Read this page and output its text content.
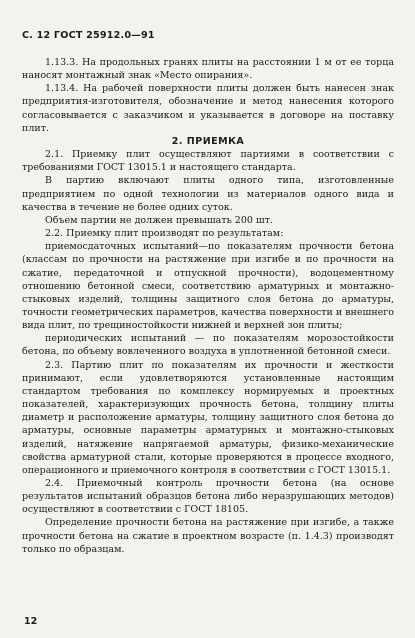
С. 12 ГОСТ 25912.0—91

1.13.3. На продольных гранях плиты на расстоянии 1 м от ее торца наносят монтажный знак «Место опирания».

1.13.4. На рабочей поверхности плиты должен быть нанесен знак предприятия-изготовителя, обозначение и метод нанесения которого согласовывается с заказчиком и указывается в договоре на поставку плит.

2. ПРИЕМКА

2.1. Приемку плит осуществляют партиями в соответствии с требованиями ГОСТ 13015.1 и настоящего стандарта.

В партию включают плиты одного типа, изготовленные предприятием по одной технологии из материалов одного вида и качества в течение не более одних суток.

Объем партии не должен превышать 200 шт.

2.2. Приемку плит производят по результатам:

приемосдаточных испытаний—по показателям прочности бетона (классам по прочности на растяжение при изгибе и по прочности на сжатие, передаточной и отпускной прочности), водоцементному отношению бетонной смеси, соответствию арматурных и монтажно-стыковых изделий, толщины защитного слоя бетона до арматуры, точности геометрических параметров, качества поверхности и внешнего вида плит, по трещиностойкости нижней и верхней зон плиты;

периодических испытаний — по показателям морозостойкости бетона, по объему вовлеченного воздуха в уплотненной бетонной смеси.

2.3. Партию плит по показателям их прочности и жесткости принимают, если удовлетворяются установленные настоящим стандартом требования по комплексу нормируемых и проектных показателей, характеризующих прочность бетона, толщину плиты диаметр и расположение арматуры, толщину защитного слоя бетона до арматуры, основные параметры арматурных и монтажно-стыковых изделий, натяжение напрягаемой арматуры, физико-механические свойства арматурной стали, которые проверяются в процессе входного, операционного и приемочного контроля в соответствии с ГОСТ 13015.1.

2.4. Приемочный контроль прочности бетона (на основе результатов испытаний образцов бетона либо неразрушающих методов) осуществляют в соответствии с ГОСТ 18105.

Определение прочности бетона на растяжение при изгибе, а также прочности бетона на сжатие в проектном возрасте (п. 1.4.3) производят только по образцам.

12
